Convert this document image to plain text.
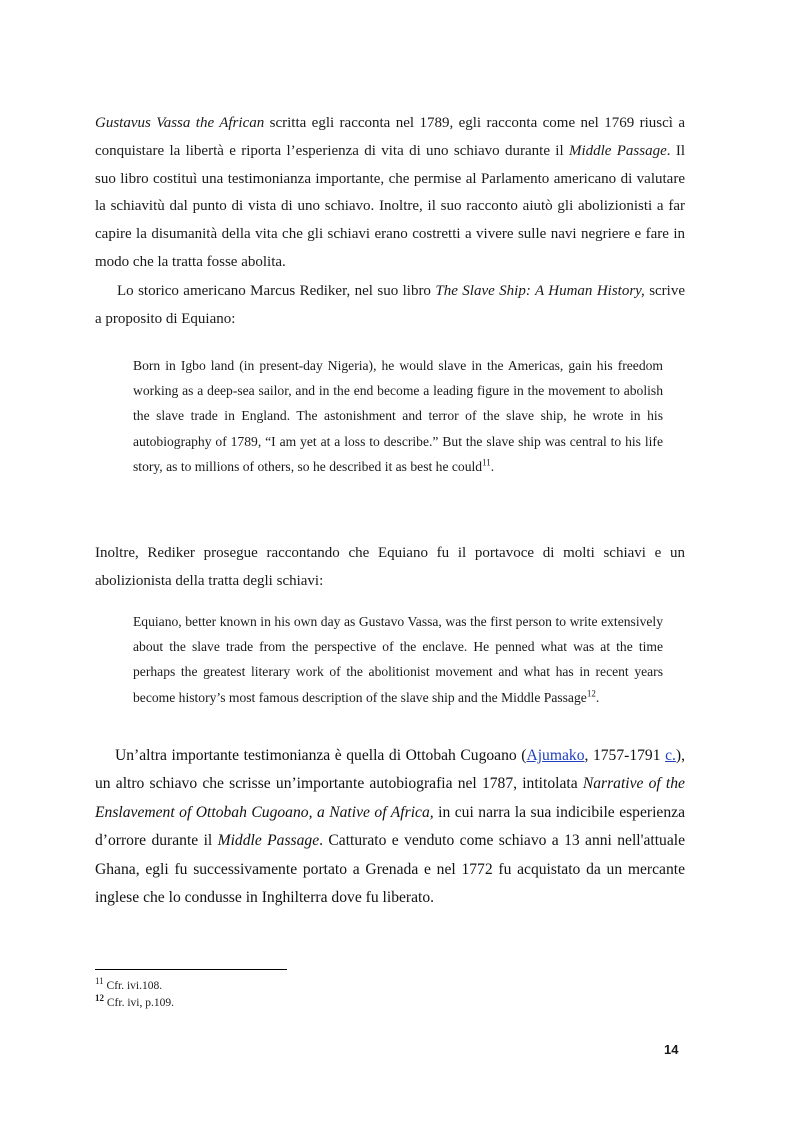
Gustavus Vassa the African scritta egli racconta nel 1789, egli racconta come nel 1769 riuscì a conquistare la libertà e riporta l’esperienza di vita di uno schiavo durante il Middle Passage. Il suo libro costituì una testimonianza importante, che permise al Parlamento americano di valutare la schiavitù dal punto di vista di uno schiavo. Inoltre, il suo racconto aiutò gli abolizionisti a far capire la disumanità della vita che gli schiavi erano costretti a vivere sulle navi negriere e fare in modo che la tratta fosse abolita.

Lo storico americano Marcus Rediker, nel suo libro The Slave Ship: A Human History, scrive a proposito di Equiano:

Born in Igbo land (in present-day Nigeria), he would slave in the Americas, gain his freedom working as a deep-sea sailor, and in the end become a leading figure in the movement to abolish the slave trade in England. The astonishment and terror of the slave ship, he wrote in his autobiography of 1789, “I am yet at a loss to describe.” But the slave ship was central to his life story, as to millions of others, so he described it as best he could$^{11}$.

Inoltre, Rediker prosegue raccontando che Equiano fu il portavoce di molti schiavi e un abolizionista della tratta degli schiavi:

Equiano, better known in his own day as Gustavo Vassa, was the first person to write extensively about the slave trade from the perspective of the enclave. He penned what was at the time perhaps the greatest literary work of the abolitionist movement and what has in recent years become history’s most famous description of the slave ship and the Middle Passage$^{12}$.

Un’altra importante testimonianza è quella di Ottobah Cugoano (Ajumako, 1757-1791 c.), un altro schiavo che scrisse un’importante autobiografia nel 1787, intitolata Narrative of the Enslavement of Ottobah Cugoano, a Native of Africa, in cui narra la sua indicibile esperienza d’orrore durante il Middle Passage. Catturato e venduto come schiavo a 13 anni nell'attuale Ghana, egli fu successivamente portato a Grenada e nel 1772 fu acquistato da un mercante inglese che lo condusse in Inghilterra dove fu liberato.

$^{11}$ Cfr. ivi.108.
$^{12}$ Cfr. ivi, p.109.
14
